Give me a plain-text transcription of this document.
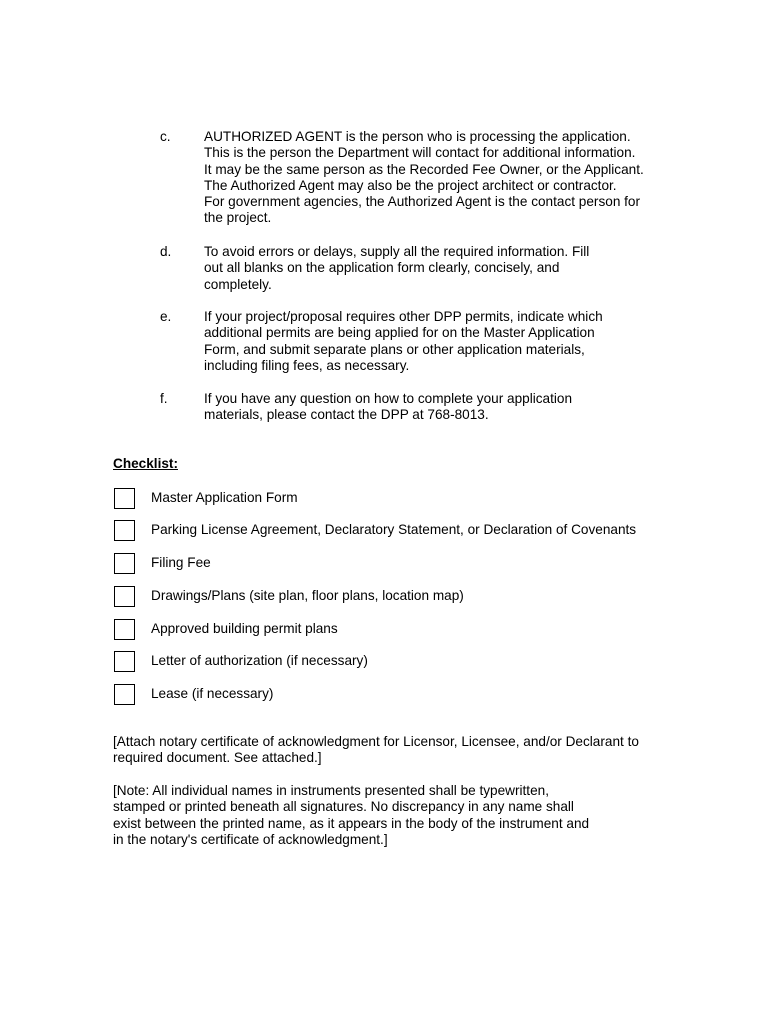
c. AUTHORIZED AGENT is the person who is processing the application.
This is the person the Department will contact for additional information.
It may be the same person as the Recorded Fee Owner, or the Applicant.
The Authorized Agent may also be the project architect or contractor.
For government agencies, the Authorized Agent is the contact person for
the project.
d. To avoid errors or delays, supply all the required information. Fill
out all blanks on the application form clearly, concisely, and
completely.
e. If your project/proposal requires other DPP permits, indicate which
additional permits are being applied for on the Master Application
Form, and submit separate plans or other application materials,
including filing fees, as necessary.
f.	If you have any question on how to complete your application
materials, please contact the DPP at 768-8013.
Checklist:
Master Application Form
Parking License Agreement, Declaratory Statement, or Declaration of Covenants
Filing Fee
Drawings/Plans (site plan, floor plans, location map)
Approved building permit plans
Letter of authorization (if necessary)
Lease (if necessary)
[Attach notary certificate of acknowledgment for Licensor, Licensee, and/or Declarant to
required document. See attached.]
[Note: All individual names in instruments presented shall be typewritten,
stamped or printed beneath all signatures. No discrepancy in any name shall
exist between the printed name, as it appears in the body of the instrument and
in the notary's certificate of acknowledgment.]
